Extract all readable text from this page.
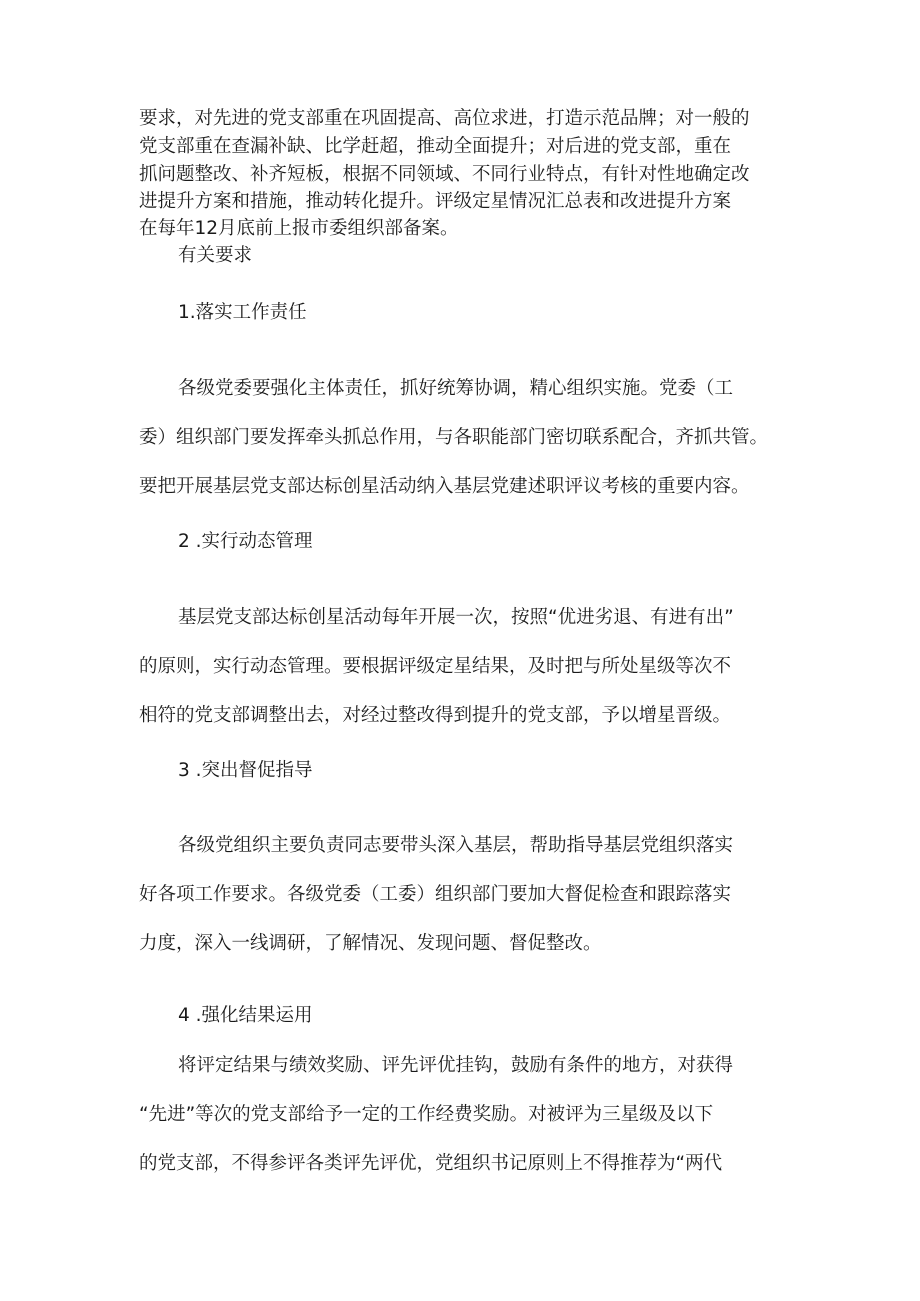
要求，对先进的党支部重在巩固提高、高位求进，打造示范品牌；对一般的
党支部重在查漏补缺、比学赶超，推动全面提升；对后进的党支部，重在
抓问题整改、补齐短板，根据不同领域、不同行业特点，有针对性地确定改
进提升方案和措施，推动转化提升。评级定星情况汇总表和改进提升方案
在每年12月底前上报市委组织部备案。
有关要求
1.落实工作责任
各级党委要强化主体责任，抓好统筹协调，精心组织实施。党委（工
委）组织部门要发挥牵头抓总作用，与各职能部门密切联系配合，齐抓共管。
要把开展基层党支部达标创星活动纳入基层党建述职评议考核的重要内容。
2 .实行动态管理
基层党支部达标创星活动每年开展一次，按照“优进劣退、有进有出”
的原则，实行动态管理。要根据评级定星结果，及时把与所处星级等次不
相符的党支部调整出去，对经过整改得到提升的党支部，予以增星晋级。
3 .突出督促指导
各级党组织主要负责同志要带头深入基层，帮助指导基层党组织落实
好各项工作要求。各级党委（工委）组织部门要加大督促检查和跟踪落实
力度，深入一线调研，了解情况、发现问题、督促整改。
4 .强化结果运用
将评定结果与绩效奖励、评先评优挂钩，鼓励有条件的地方，对获得
“先进”等次的党支部给予一定的工作经费奖励。对被评为三星级及以下
的党支部，不得参评各类评先评优，党组织书记原则上不得推荐为“两代
